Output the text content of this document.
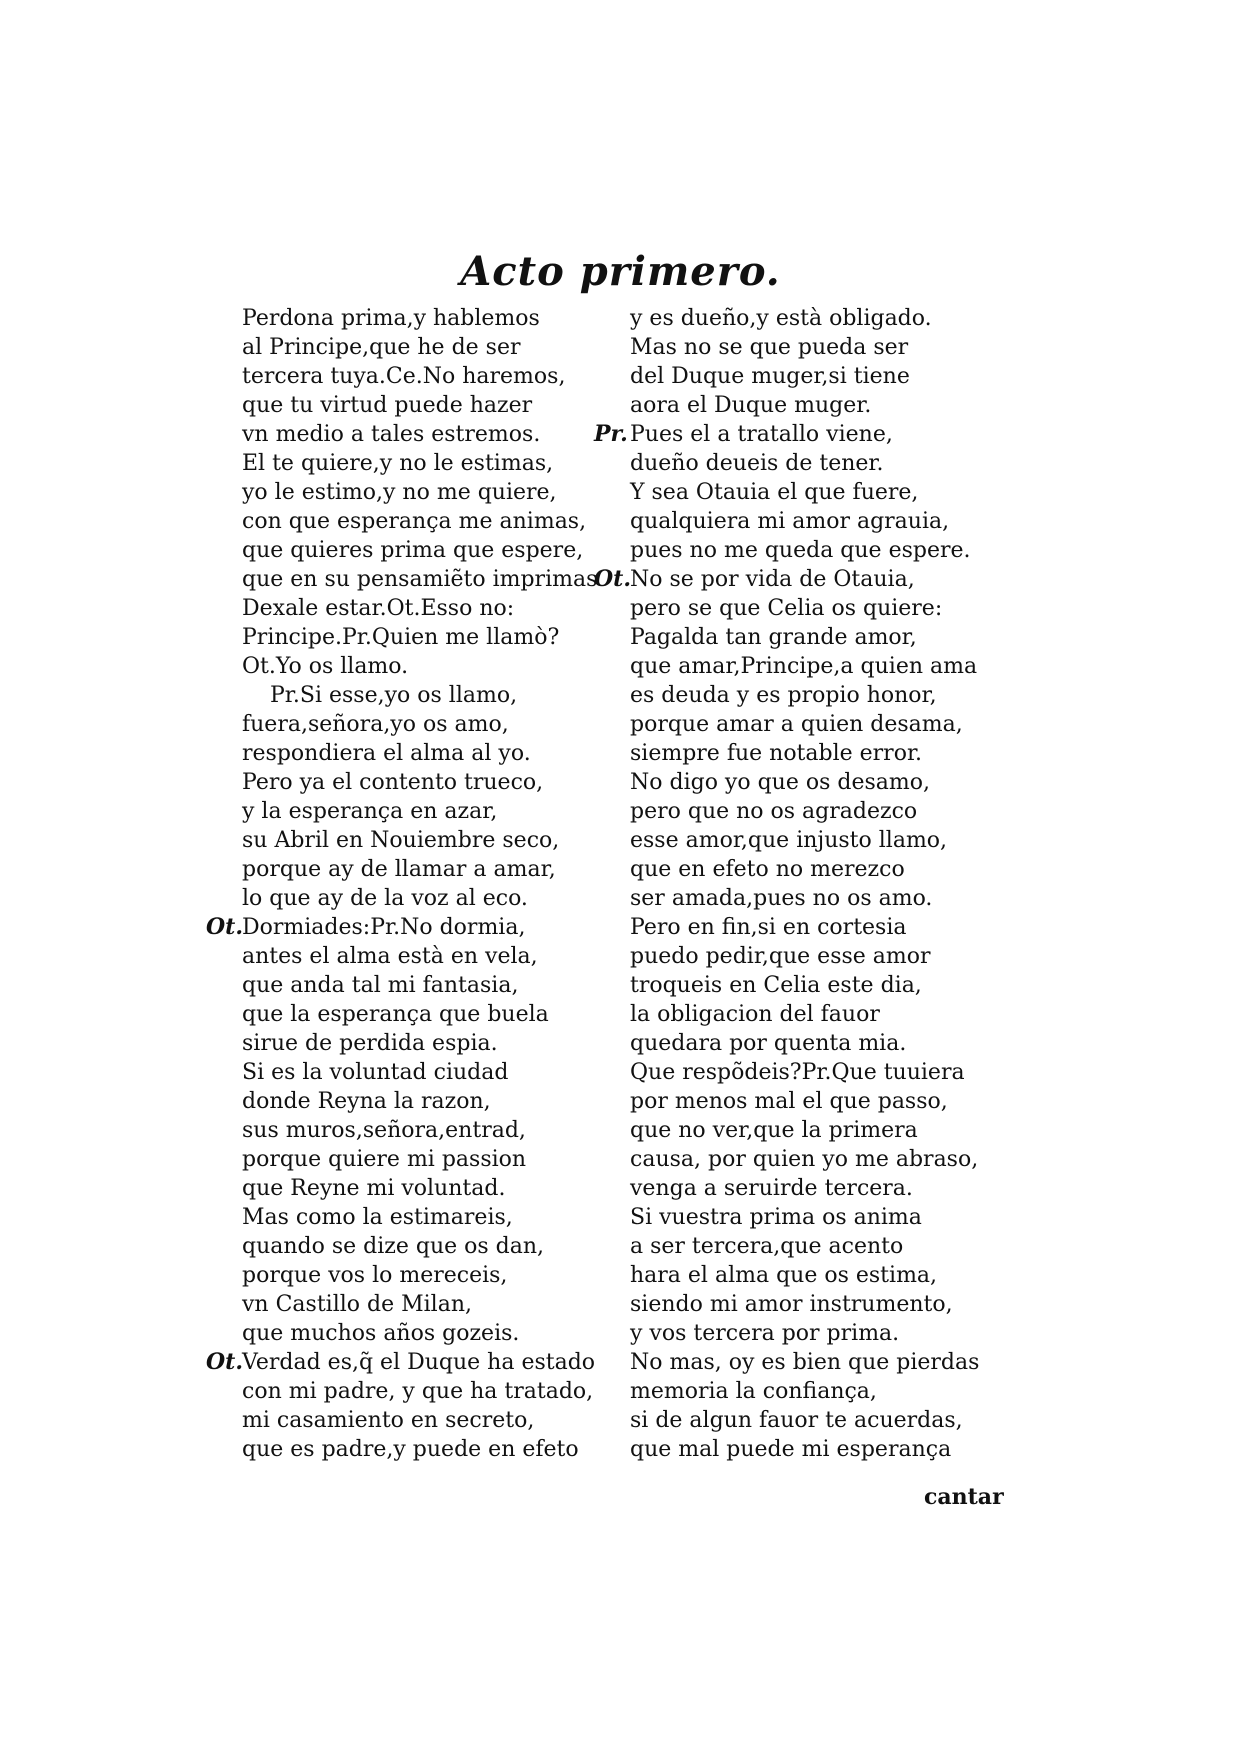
Acto primero.
Perdona prima,y hablemos
al Principe,que he de ser
tercera tuya.Ce.No haremos,
que tu virtud puede hazer
vn medio a tales estremos.
El te quiere,y no le estimas,
yo le estimo,y no me quiere,
con que esperança me animas,
que quieres prima que espere,
que en su pensamiẽto imprimas
Dexale estar.Ot.Esso no:
Principe.Pr.Quien me llamò?
Ot.Yo os llamo.
Pr.Si esse,yo os llamo,
fuera,señora,yo os amo,
respondiera el alma al yo.
Pero ya el contento trueco,
y la esperança en azar,
su Abril en Nouiembre seco,
porque ay de llamar a amar,
lo que ay de la voz al eco.
Ot. Dormiades:Pr.No dormia,
antes el alma està en vela,
que anda tal mi fantasia,
que la esperança que buela
sirue de perdida espia.
Si es la voluntad ciudad
donde Reyna la razon,
sus muros,señora,entrad,
porque quiere mi passion
que Reyne mi voluntad.
Mas como la estimareis,
quando se dize que os dan,
porque vos lo mereceis,
vn Castillo de Milan,
que muchos años gozeis.
Ot. Verdad es,q̃ el Duque ha estado
con mi padre, y que ha tratado,
mi casamiento en secreto,
que es padre,y puede en efeto
y es dueño,y està obligado.
Mas no se que pueda ser
del Duque muger,si tiene
aora el Duque muger.
Pr. Pues el a tratallo viene,
dueño deueis de tener.
Y sea Otauia el que fuere,
qualquiera mi amor agrauia,
pues no me queda que espere.
Ot. No se por vida de Otauia,
pero se que Celia os quiere:
Pagalda tan grande amor,
que amar,Principe,a quien ama
es deuda y es propio honor,
porque amar a quien desama,
siempre fue notable error.
No digo yo que os desamo,
pero que no os agradezco
esse amor,que injusto llamo,
que en efeto no merezco
ser amada,pues no os amo.
Pero en fin,si en cortesia
puedo pedir,que esse amor
troqueis en Celia este dia,
la obligacion del fauor
quedara por quenta mia.
Que respõdeis?Pr.Que tuuiera
por menos mal el que passo,
que no ver,que la primera
causa, por quien yo me abraso,
venga a seruirde tercera.
Si vuestra prima os anima
a ser tercera,que acento
hara el alma que os estima,
siendo mi amor instrumento,
y vos tercera por prima.
No mas, oy es bien que pierdas
memoria la confiança,
si de algun fauor te acuerdas,
que mal puede mi esperança
cantar
